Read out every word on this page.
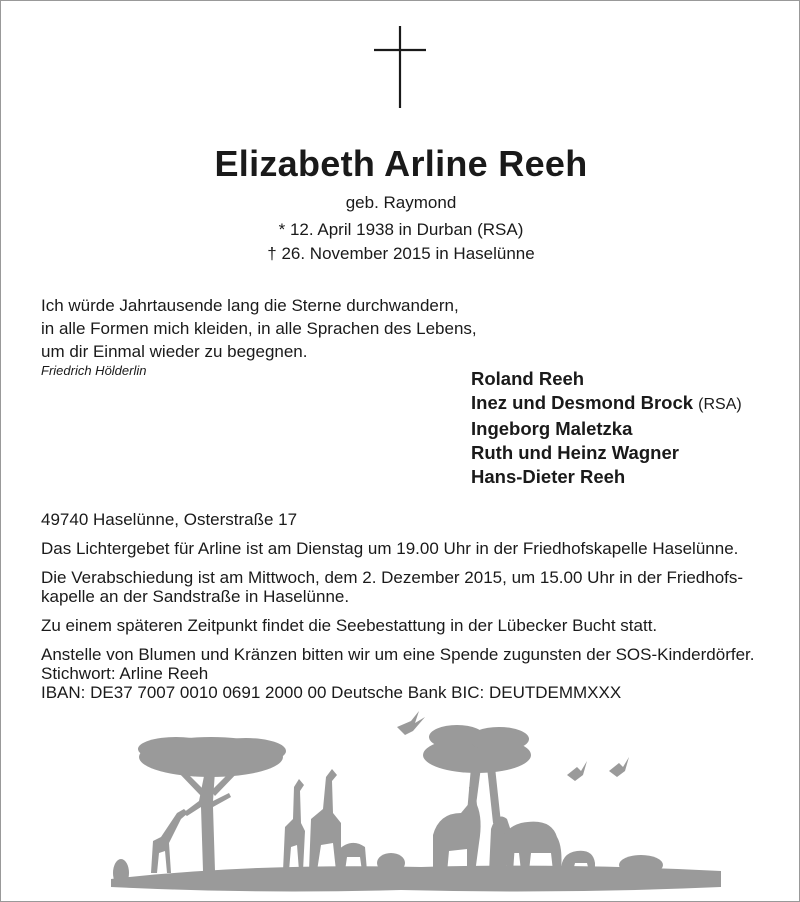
Elizabeth Arline Reeh
geb. Raymond
* 12. April 1938 in Durban (RSA)
† 26. November 2015 in Haselünne
Ich würde Jahrtausende lang die Sterne durchwandern,
in alle Formen mich kleiden, in alle Sprachen des Lebens,
um dir Einmal wieder zu begegnen.
Friedrich Hölderlin	Roland Reeh
Inez und Desmond Brock (RSA)
Ingeborg Maletzka
Ruth und Heinz Wagner
Hans-Dieter Reeh
49740 Haselünne, Osterstraße 17
Das Lichtergebet für Arline ist am Dienstag um 19.00 Uhr in der Friedhofskapelle Haselünne.
Die Verabschiedung ist am Mittwoch, dem 2. Dezember 2015, um 15.00 Uhr in der Friedhofs-
kapelle an der Sandstraße in Haselünne.
Zu einem späteren Zeitpunkt findet die Seebestattung in der Lübecker Bucht statt.
Anstelle von Blumen und Kränzen bitten wir um eine Spende zugunsten der SOS-Kinderdörfer.
Stichwort: Arline Reeh
IBAN: DE37 7007 0010 0691 2000 00 Deutsche Bank BIC: DEUTDEMMXXX
